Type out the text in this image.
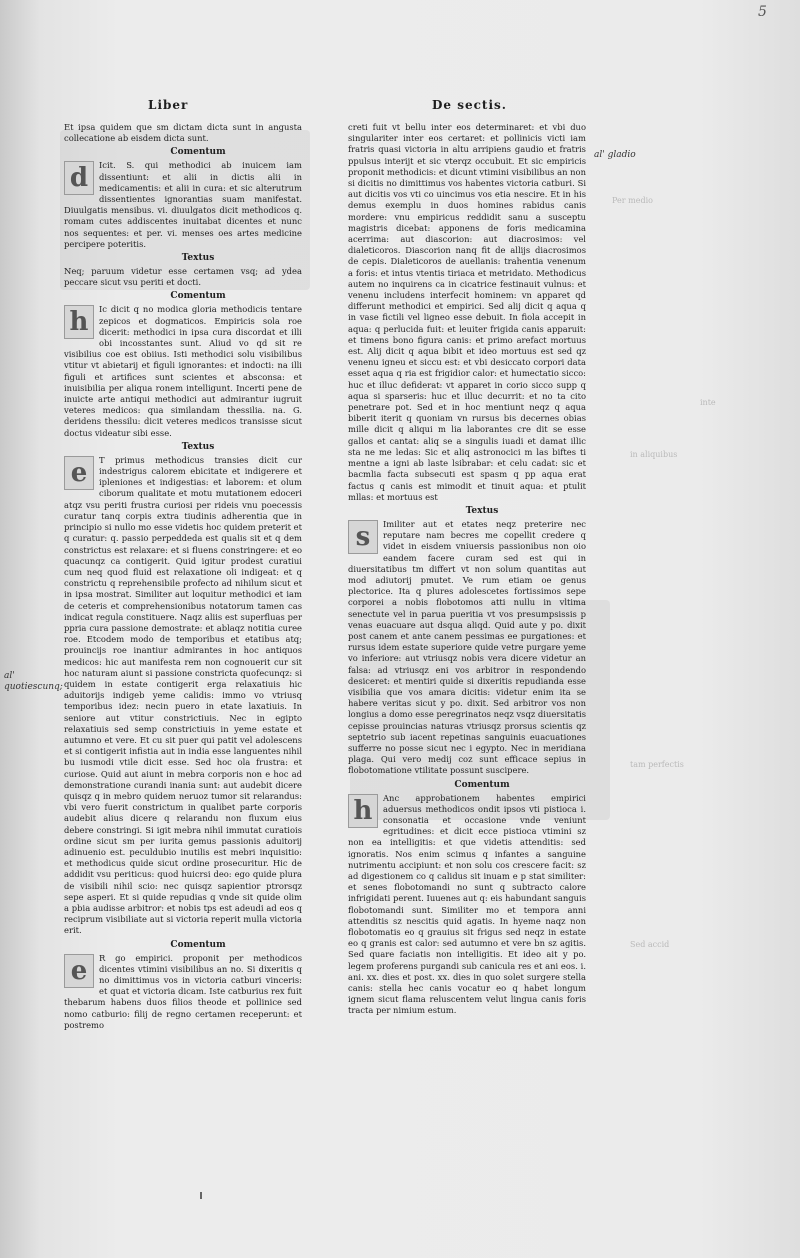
5
Liber	De sectis.
al' gladio
al' quotiescunq;
Per medio
inte
in aliquibus
tam perfectis
Sed accid

Et ipsa quidem que sm dictam dicta sunt in angusta collecatione ab eisdem dicta sunt.

Comentum

d	Icit. S. qui methodici ab inuicem iam dissentiunt: et alii in dictis alii in medicamentis: et alii in cura: et sic alterutrum dissentientes ignorantias suam manifestat. Diuulgatis mensibus. vi. diuulgatos dicit methodicos q. romam cutes addiscentes inuitabat dicentes et nunc nos sequentes: et per. vi. menses oes artes medicine percipere poteritis.

Textus

Neq; paruum videtur esse certamen vsq; ad ydea peccare sicut vsu periti et docti.

Comentum

h	Ic dicit q no modica gloria methodicis tentare zepicos et dogmaticos. Empiricis sola roe dicerit: methodici in ipsa cura discordat et illi obi incosstantes sunt. Aliud vo qd sit re visibilius coe est obiius. Isti methodici solu visibilibus vtitur vt abietarij et figuli ignorantes: et indocti: na illi figuli et artifices sunt scientes et absconsa: et inuisibilia per aliqua ronem intelligunt. Incerti pene de inuicte arte antiqui methodici aut admirantur iugruit veteres medicos: qua similandam thessilia. na. G. deridens thessilu: dicit veteres medicos transisse sicut doctus videatur sibi esse.

Textus

e	T primus methodicus transies dicit cur indestrigus calorem ebicitate et indigerere et ipleniones et indigestias: et laborem: et olum ciborum qualitate et motu mutationem edoceri atqz vsu periti frustra curiosi per rideis vnu poecessis curatur tanq corpis extra tiudinis adherentia que in principio si nullo mo esse videtis hoc quidem preterit et q curatur: q. passio perpeddeda est qualis sit et q dem constrictus est relaxare: et si fluens constringere: et eo quacunqz ca contigerit. Quid igitur prodest curatiui cum neq quod fluid est relaxatione oli indigeat: et q constrictu q reprehensibile profecto ad nihilum sicut et in ipsa mostrat. Similiter aut loquitur methodici et iam de ceteris et comprehensionibus notatorum tamen cas indicat regula constituere. Naqz aliis est superfluas per ppria cura passione demostrate: et ablaqz notitia curee roe. Etcodem modo de temporibus et etatibus atq; prouincijs roe inantiur admirantes in hoc antiquos medicos: hic aut manifesta rem non cognouerit cur sit hoc naturam aiunt si passione constricta quofecunqz: si quidem in estate contigerit erga relaxatiuis hic aduitorijs indigeb yeme calidis: immo vo vtriusq temporibus idez: necin puero in etate laxatiuis. In seniore aut vtitur constrictiuis. Nec in egipto relaxatiuis sed semp constrictiuis in yeme estate et autumno et vere. Et cu sit puer qui patit vel adolescens et si contigerit infistia aut in india esse languentes nihil bu iusmodi vtile dicit esse. Sed hoc ola frustra: et curiose. Quid aut aiunt in mebra corporis non e hoc ad demonstratione curandi inania sunt: aut audebit dicere quisqz q in mebro quidem neruoz tumor sit relarandus: vbi vero fuerit constrictum in qualibet parte corporis audebit alius dicere q relarandu non fluxum eius debere constringi. Si igit mebra nihil immutat curatiois ordine sicut sm per iurita gemus passionis aduitorij adinuenio est. peculdubio inutilis est mebri inquisitio: et methodicus quide sicut ordine prosecuritur. Hic de addidit vsu periticus: quod huicrsi deo: ego quide plura de visibili nihil scio: nec quisqz sapientior ptrorsqz sepe asperi. Et si quide repudias q vnde sit quide olim a pbia audisse arbitror: et nobis tps est adeudi ad eos q reciprum visibiliate aut si victoria reperit mulla victoria erit.

Comentum

e	R go empirici. proponit per methodicos dicentes vtimini visibilibus an no. Si dixeritis q no dimittimus vos in victoria catburi vinceris: et quat et victoria dicam. Iste catburius rex fuit thebarum habens duos filios theode et pollinice sed nomo catburio: filij de regno certamen receperunt: et postremo

creti fuit vt bellu inter eos determinaret: et vbi duo singulariter inter eos certaret: et pollinicis victi iam fratris quasi victoria in altu arripiens gaudio et fratris ppulsus interijt et sic vterqz occubuit. Et sic empiricis proponit methodicis: et dicunt vtimini visibilibus an non si dicitis no dimittimus vos habentes victoria catburi. Si aut dicitis vos vti co uincimus vos etia nescire. Et in his demus exemplu in duos homines rabidus canis mordere: vnu empiricus reddidit sanu a susceptu magistris dicebat: apponens de foris medicamina acerrima: aut diascorion: aut diacrosimos: vel dialeticoros. Diascorion nanq fit de allijs diacrosimos de cepis. Dialeticoros de auellanis: trahentia venenum a foris: et intus vtentis tiriaca et metridato. Methodicus autem no inquirens ca in cicatrice festinauit vulnus: et venenu includens interfecit hominem: vn apparet qd differunt methodici et empirici. Sed alij dicit q aqua q in vase fictili vel ligneo esse debuit. In fiola accepit in aqua: q perlucida fuit: et leuiter frigida canis apparuit: et timens bono figura canis: et primo arefact mortuus est. Alij dicit q aqua bibit et ideo mortuus est sed qz venenu igneu et siccu est: et vbi desiccato corpori data esset aqua q ria est frigidior calor: et humectatio sicco: huc et illuc defiderat: vt apparet in corio sicco supp q aqua si sparseris: huc et illuc decurrit: et no ta cito penetrare pot. Sed et in hoc mentiunt neqz q aqua biberit iterit q quoniam vn rursus bis decernes obias mille dicit q aliqui m lia laborantes cre dit se esse gallos et cantat: aliq se a singulis iuadi et damat illic sta ne me ledas: Sic et aliq astronocici m las biftes ti mentne a igni ab laste lsibrabar: et celu cadat: sic et bacmlia facta subsecuti est spasm q pp aqua erat factus q canis est mimodit et tinuit aqua: et ptulit mllas: et mortuus est

Textus

s	Imiliter aut et etates neqz preterire nec reputare nam becres me copellit credere q videt in eisdem vniuersis passionibus non oio eandem facere curam sed est qui in diuersitatibus tm differt vt non solum quantitas aut mod adiutorij pmutet. Ve rum etiam oe genus plectorice. Ita q plures adolescetes fortissimos sepe corporei a nobis flobotomos atti nullu in vltima senectute vel in parua pueritia vt vos presumpsissis p venas euacuare aut dsqua aliqd. Quid aute y po. dixit post canem et ante canem pessimas ee purgationes: et rursus idem estate superiore quide vetre purgare yeme vo inferiore: aut vtriusqz nobis vera dicere videtur an falsa: ad vtriusqz eni vos arbitror in respondendo desiceret: et mentiri quide si dixeritis repudianda esse visibilia que vos amara dicitis: videtur enim ita se habere veritas sicut y po. dixit. Sed arbitror vos non longius a domo esse peregrinatos neqz vsqz diuersitatis cepisse prouincias naturas vtriusqz prorsus scientis qz septetrio sub iacent repetinas sanguinis euacuationes sufferre no posse sicut nec i egypto. Nec in meridiana plaga. Qui vero medij coz sunt efficace sepius in flobotomatione vtilitate possunt suscipere.

Comentum

h	Anc approbationem habentes empirici aduersus methodicos ondit ipsos vti pistioca i. consonatia et occasione vnde veniunt egritudines: et dicit ecce pistioca vtimini sz non ea intelligitis: et que videtis attenditis: sed ignoratis. Nos enim scimus q infantes a sanguine nutrimentu accipiunt: et non solu cos crescere facit: sz ad digestionem co q calidus sit inuam e p stat similiter: et senes flobotomandi no sunt q subtracto calore infrigidati perent. Iuuenes aut q: eis habundant sanguis flobotomandi sunt. Similiter mo et tempora anni attenditis sz nescitis quid agatis. In hyeme naqz non flobotomatis eo q grauius sit frigus sed neqz in estate eo q granis est calor: sed autumno et vere bn sz agitis. Sed quare faciatis non intelligitis. Et ideo ait y po. legem proferens purgandi sub canicula res et ani eos. i. ani. xx. dies et post. xx. dies in quo solet surgere stella canis: stella hec canis vocatur eo q habet longum ignem sicut flama reluscentem velut lingua canis foris tracta per nimium estum.
